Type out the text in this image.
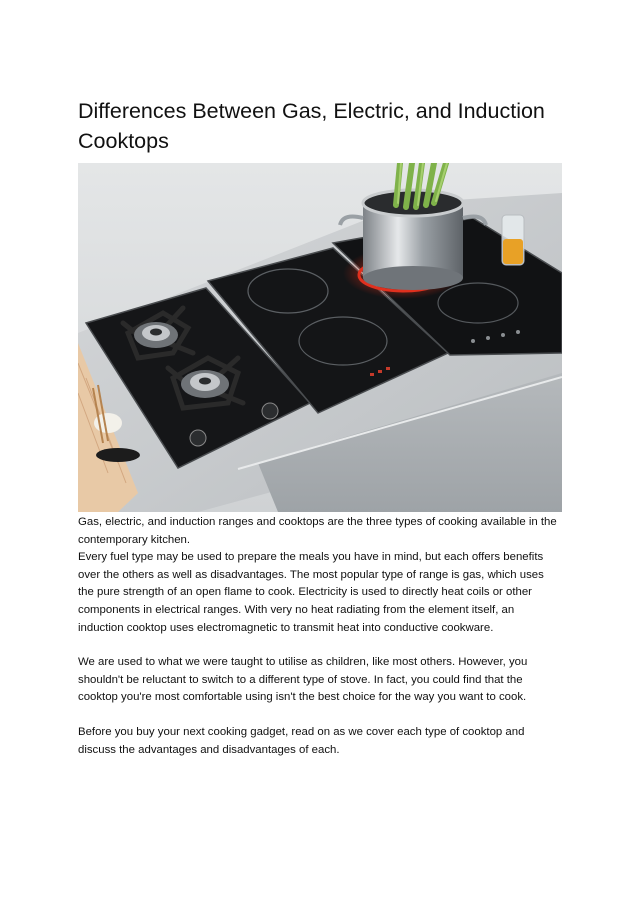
Differences Between Gas, Electric, and Induction Cooktops

Gas, electric, and induction ranges and cooktops are the three types of cooking available in the contemporary kitchen.
Every fuel type may be used to prepare the meals you have in mind, but each offers benefits over the others as well as disadvantages. The most popular type of range is gas, which uses the pure strength of an open flame to cook. Electricity is used to directly heat coils or other components in electrical ranges. With very no heat radiating from the element itself, an induction cooktop uses electromagnetic to transmit heat into conductive cookware.

We are used to what we were taught to utilise as children, like most others. However, you shouldn't be reluctant to switch to a different type of stove. In fact, you could find that the cooktop you're most comfortable using isn't the best choice for the way you want to cook.

Before you buy your next cooking gadget, read on as we cover each type of cooktop and discuss the advantages and disadvantages of each.
